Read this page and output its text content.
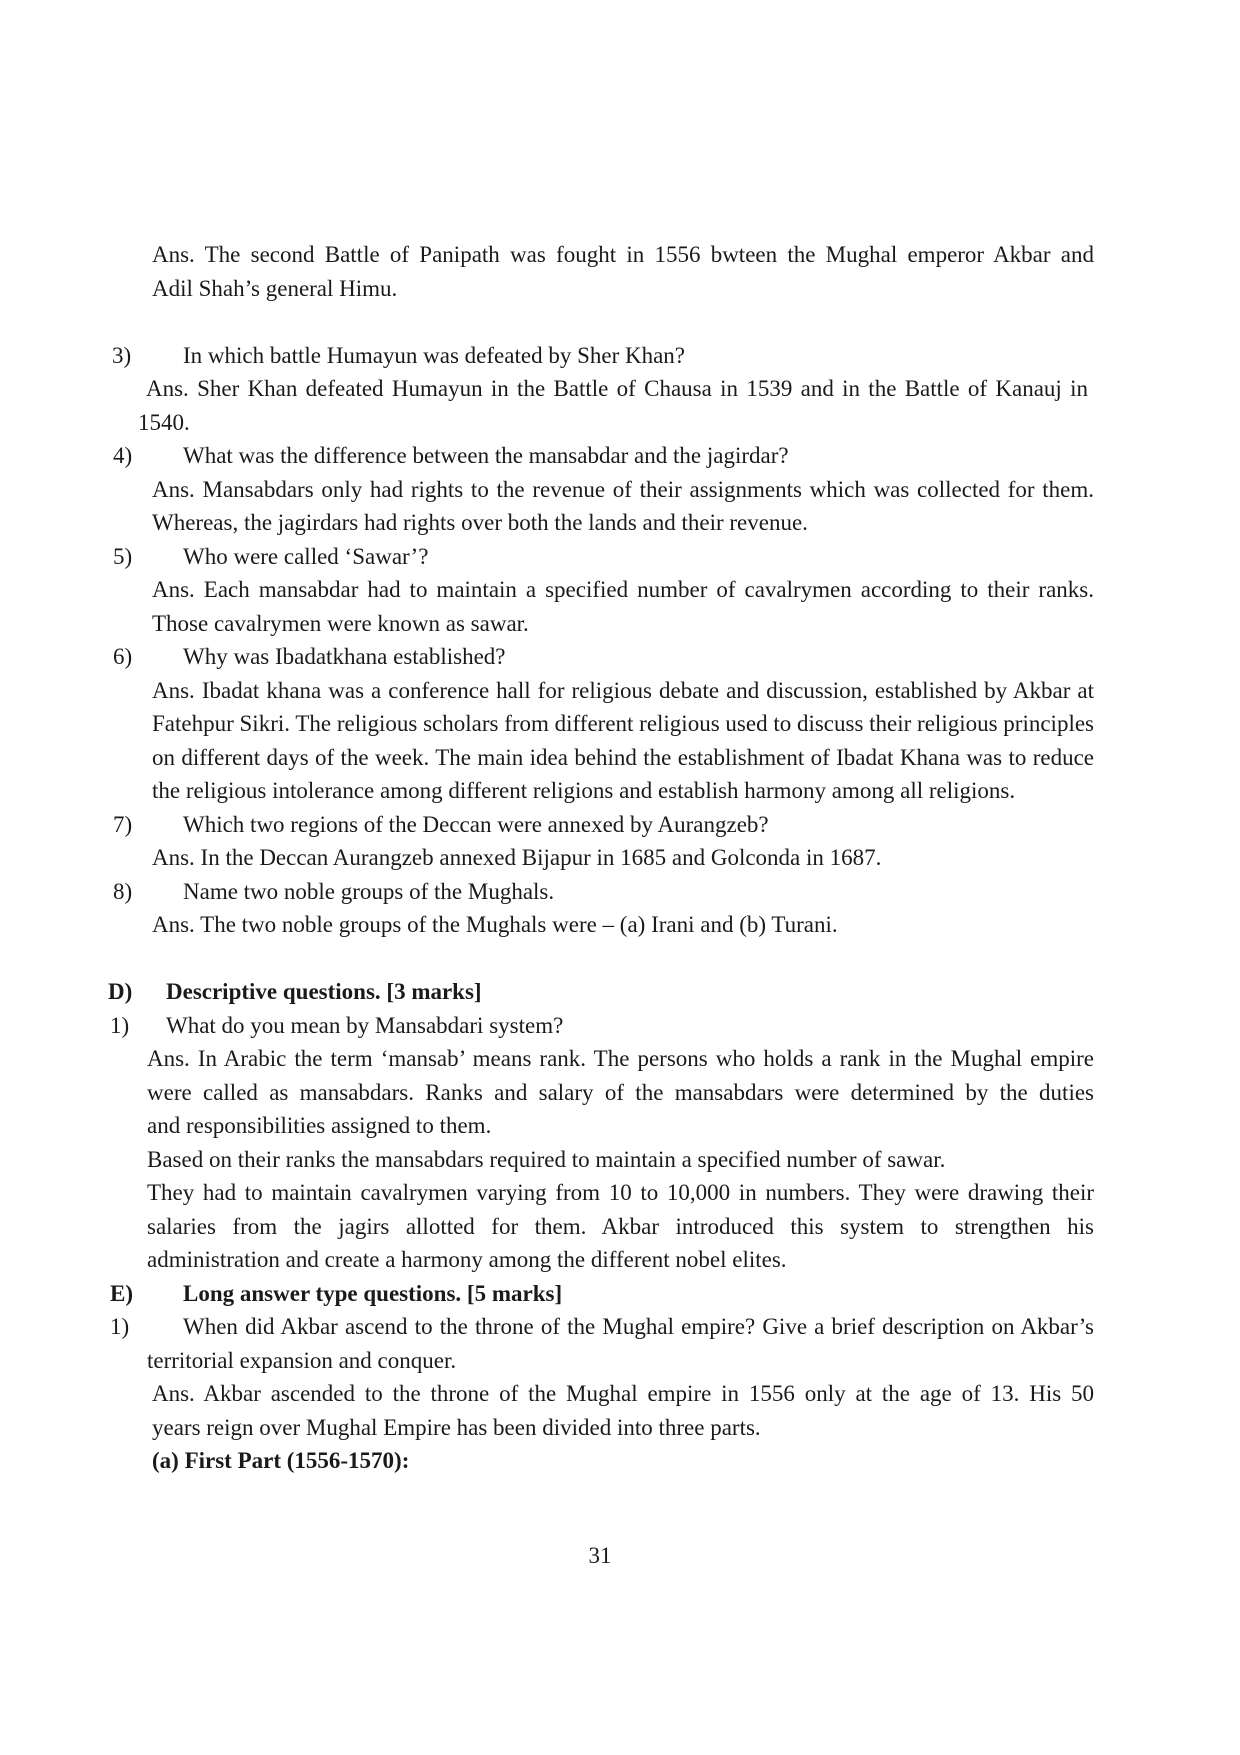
Ans. The second Battle of Panipath was fought in 1556 bwteen the Mughal emperor Akbar and
Adil Shah’s general Himu.
3) In which battle Humayun was defeated by Sher Khan?
Ans. Sher Khan defeated Humayun in the Battle of Chausa in 1539 and in the Battle of Kanauj in
1540.
4) What was the difference between the mansabdar and the jagirdar?
Ans. Mansabdars only had rights to the revenue of their assignments which was collected for them.
Whereas, the jagirdars had rights over both the lands and their revenue.
5) Who were called ‘Sawar’?
Ans. Each mansabdar had to maintain a specified number of cavalrymen according to their ranks.
Those cavalrymen were known as sawar.
6) Why was Ibadatkhana established?
Ans. Ibadat khana was a conference hall for religious debate and discussion, established by Akbar at
Fatehpur Sikri. The religious scholars from different religious used to discuss their religious principles
on different days of the week. The main idea behind the establishment of Ibadat Khana was to reduce
the religious intolerance among different religions and establish harmony among all religions.
7) Which two regions of the Deccan were annexed by Aurangzeb?
Ans. In the Deccan Aurangzeb annexed Bijapur in 1685 and Golconda in 1687.
8) Name two noble groups of the Mughals.
Ans. The two noble groups of the Mughals were – (a) Irani and (b) Turani.
D) Descriptive questions. [3 marks]
1) What do you mean by Mansabdari system?
Ans. In Arabic the term ‘mansab’ means rank. The persons who holds a rank in the Mughal empire
were called as mansabdars. Ranks and salary of the mansabdars were determined by the duties
and responsibilities assigned to them.
Based on their ranks the mansabdars required to maintain a specified number of sawar.
They had to maintain cavalrymen varying from 10 to 10,000 in numbers. They were drawing their
salaries from the jagirs allotted for them. Akbar introduced this system to strengthen his
administration and create a harmony among the different nobel elites.
E) Long answer type questions. [5 marks]
1) When did Akbar ascend to the throne of the Mughal empire? Give a brief description on Akbar’s
territorial expansion and conquer.
Ans. Akbar ascended to the throne of the Mughal empire in 1556 only at the age of 13. His 50
years reign over Mughal Empire has been divided into three parts.
(a) First Part (1556-1570):
31
